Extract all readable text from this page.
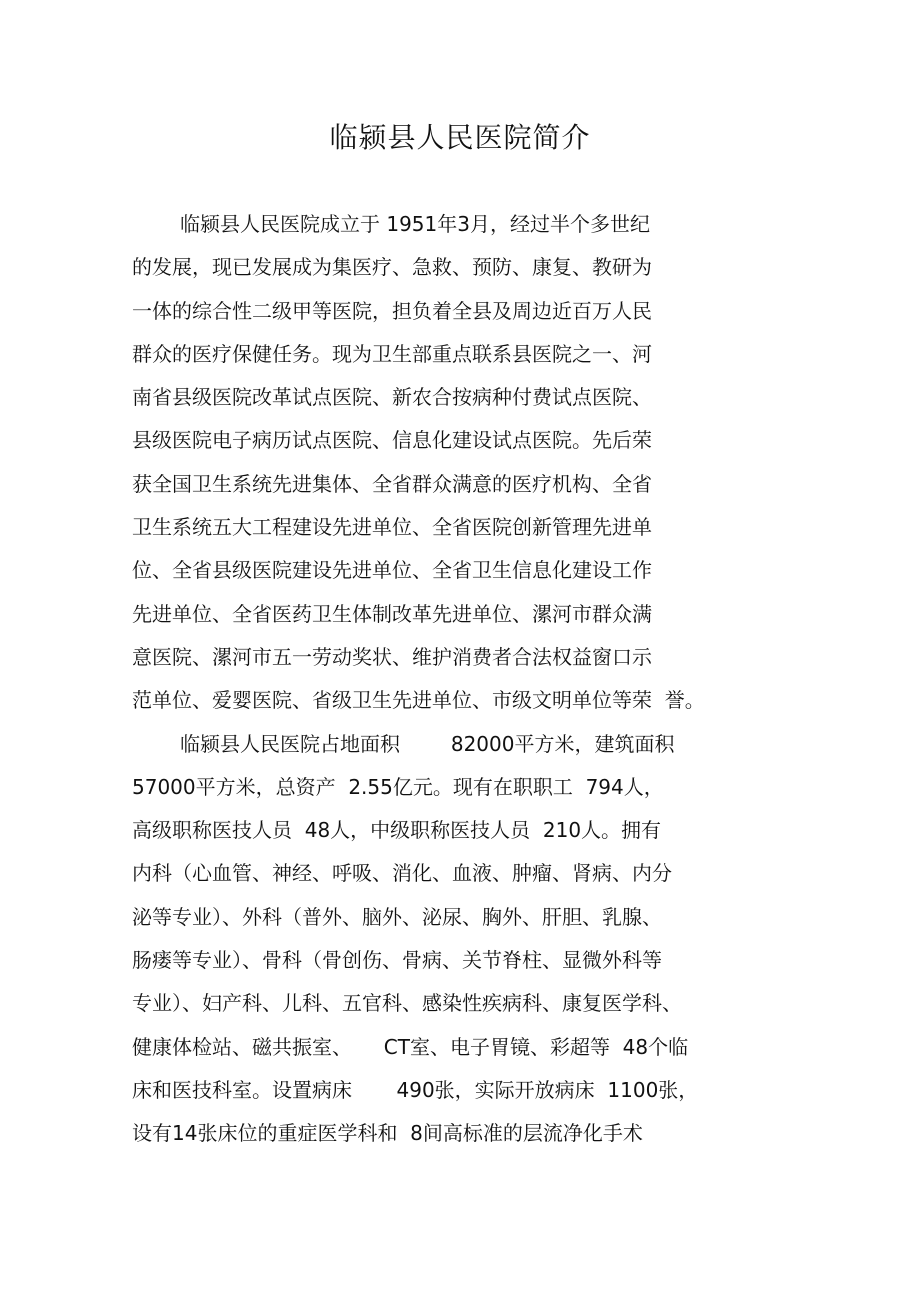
临颍县人民医院简介
临颍县人民医院成立于 1951年3月，经过半个多世纪
的发展，现已发展成为集医疗、急救、预防、康复、教研为
一体的综合性二级甲等医院，担负着全县及周边近百万人民
群众的医疗保健任务。现为卫生部重点联系县医院之一、河
南省县级医院改革试点医院、新农合按病种付费试点医院、
县级医院电子病历试点医院、信息化建设试点医院。先后荣
获全国卫生系统先进集体、全省群众满意的医疗机构、全省
卫生系统五大工程建设先进单位、全省医院创新管理先进单
位、全省县级医院建设先进单位、全省卫生信息化建设工作
先进单位、全省医药卫生体制改革先进单位、漯河市群众满
意医院、漯河市五一劳动奖状、维护消费者合法权益窗口示
范单位、爱婴医院、省级卫生先进单位、市级文明单位等荣  誉。
临颍县人民医院占地面积        82000平方米，建筑面积
57000平方米，总资产  2.55亿元。现有在职职工  794人，
高级职称医技人员  48人，中级职称医技人员  210人。拥有
内科（心血管、神经、呼吸、消化、血液、肿瘤、肾病、内分
泌等专业）、外科（普外、脑外、泌尿、胸外、肝胆、乳腺、
肠瘘等专业）、骨科（骨创伤、骨病、关节脊柱、显微外科等
专业）、妇产科、儿科、五官科、感染性疾病科、康复医学科、
健康体检站、磁共振室、     CT室、电子胃镜、彩超等  48个临
床和医技科室。设置病床       490张，实际开放病床  1100张，
设有14张床位的重症医学科和  8间高标准的层流净化手术
